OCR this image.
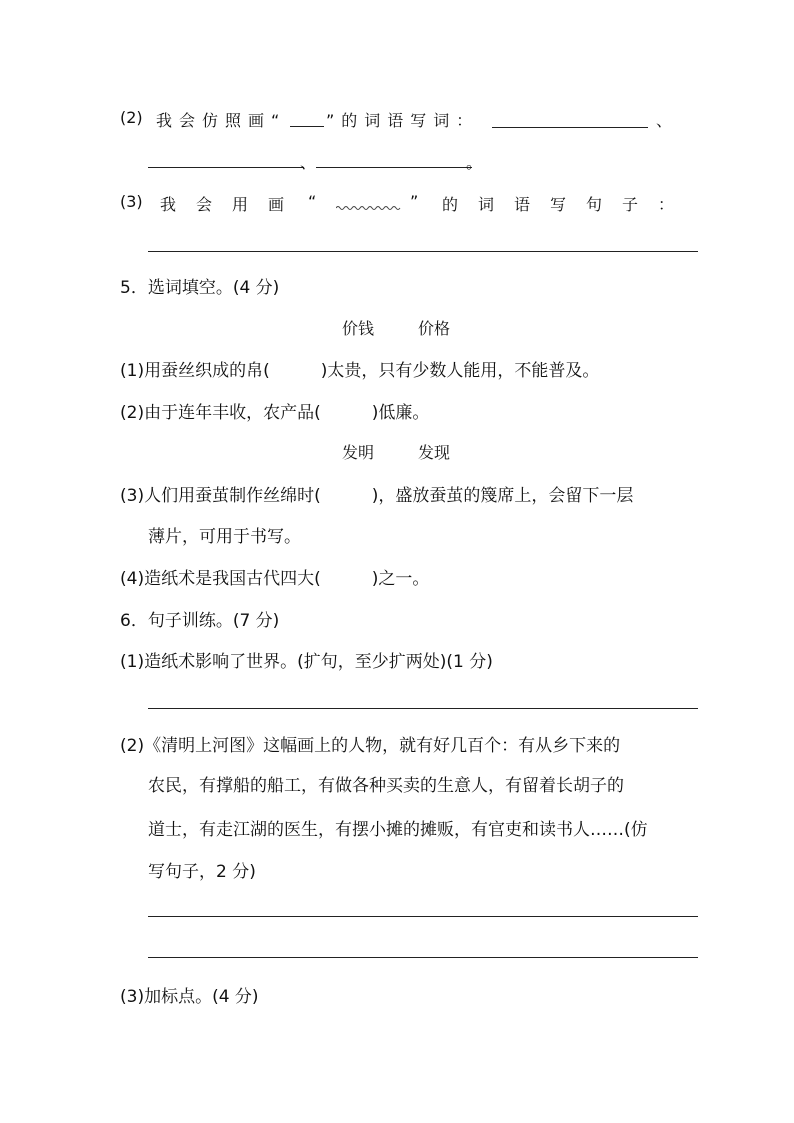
(2) 我会仿照画“ ”的词语写词：	、
、	。
(3) 我 会 用 画 “	” 的 词 语 写 句 子 ：
5．选词填空。(4 分)
价钱	价格
(1)用蚕丝织成的帛(　　　)太贵，只有少数人能用，不能普及。
(2)由于连年丰收，农产品(　　　)低廉。
发明	发现
(3)人们用蚕茧制作丝绵时(　　　)，盛放蚕茧的篾席上，会留下一层
薄片，可用于书写。
(4)造纸术是我国古代四大(　　　)之一。
6．句子训练。(7 分)
(1)造纸术影响了世界。(扩句，至少扩两处)(1 分)
(2)《清明上河图》这幅画上的人物，就有好几百个：有从乡下来的
农民，有撑船的船工，有做各种买卖的生意人，有留着长胡子的
道士，有走江湖的医生，有摆小摊的摊贩，有官吏和读书人……(仿
写句子，2 分)
(3)加标点。(4 分)
